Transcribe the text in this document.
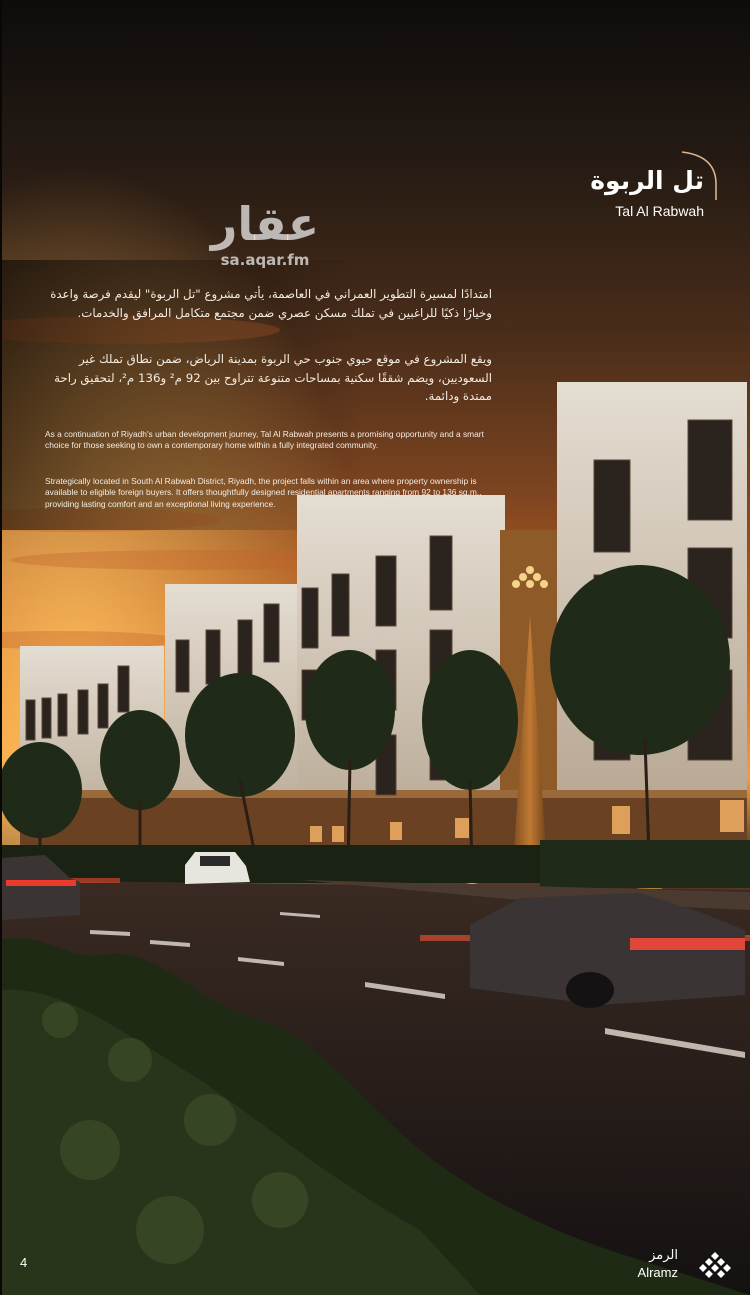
تل الربوة
Tal Al Rabwah
عقار
sa.aqar.fm
امتدادًا لمسيرة التطوير العمراني في العاصمة، يأتي مشروع "تل الربوة" ليقدم فرصة واعدة وخيارًا ذكيًا للراغبين في تملك مسكن عصري ضمن مجتمع متكامل المرافق والخدمات.
ويقع المشروع في موقع حيوي جنوب حي الربوة بمدينة الرياض، ضمن نطاق تملك غير السعوديين، ويضم شققًا سكنية بمساحات متنوعة تتراوح بين 92 م² و136 م²، لتحقيق راحة ممتدة ودائمة.
As a continuation of Riyadh's urban development journey, Tal Al Rabwah presents a promising opportunity and a smart choice for those seeking to own a contemporary home within a fully integrated community.
Strategically located in South Al Rabwah District, Riyadh, the project falls within an area where property ownership is available to eligible foreign buyers. It offers thoughtfully designed residential apartments ranging from 92 to 136 sq.m., providing lasting comfort and an exceptional living experience.
4	الرمز
Alramz
